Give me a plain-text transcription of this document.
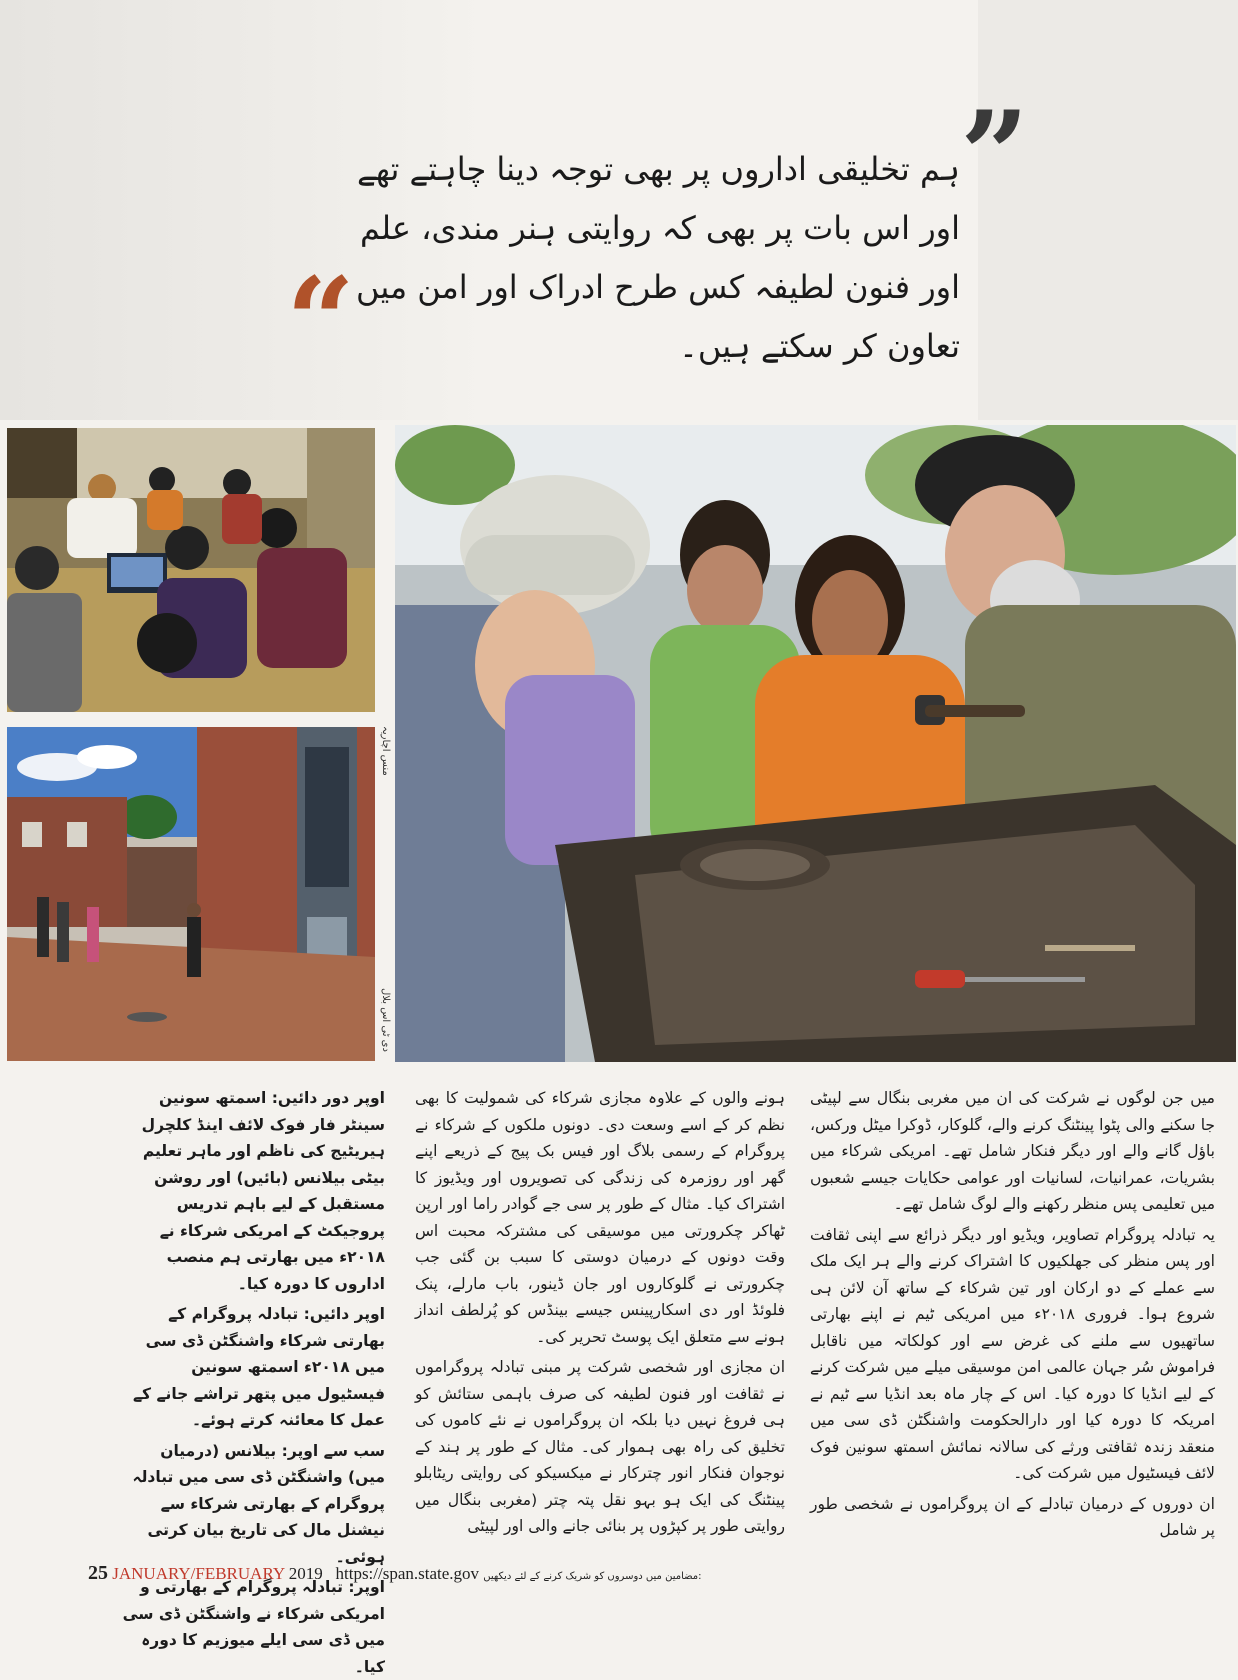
”
ہم تخلیقی اداروں پر بھی توجہ دینا چاہتے تھے اور اس بات پر بھی کہ روایتی ہنر مندی، علم اور فنون لطیفہ کس طرح ادراک اور امن میں تعاون کر سکتے ہیں۔
“
منس اچاریہ
دی ٹی اس بلال

میں جن لوگوں نے شرکت کی ان میں مغربی بنگال سے لپیٹی جا سکنے والی پٹوا پینٹنگ کرنے والے، گلوکار، ڈوکرا میٹل ورکس، باؤل گانے والے اور دیگر فنکار شامل تھے۔ امریکی شرکاء میں بشریات، عمرانیات، لسانیات اور عوامی حکایات جیسے شعبوں میں تعلیمی پس منظر رکھنے والے لوگ شامل تھے۔

یہ تبادلہ پروگرام تصاویر، ویڈیو اور دیگر ذرائع سے اپنی ثقافت اور پس منظر کی جھلکیوں کا اشتراک کرنے والے ہر ایک ملک سے عملے کے دو ارکان اور تین شرکاء کے ساتھ آن لائن ہی شروع ہوا۔ فروری ۲۰۱۸ء میں امریکی ٹیم نے اپنے بھارتی ساتھیوں سے ملنے کی غرض سے اور کولکاتہ میں ناقابل فراموش سُر جہان عالمی امن موسیقی میلے میں شرکت کرنے کے لیے انڈیا کا دورہ کیا۔ اس کے چار ماہ بعد انڈیا سے ٹیم نے امریکہ کا دورہ کیا اور دارالحکومت واشنگٹن ڈی سی میں منعقد زندہ ثقافتی ورثے کی سالانہ نمائش اسمتھ سونین فوک لائف فیسٹیول میں شرکت کی۔

ان دوروں کے درمیان تبادلے کے ان پروگراموں نے شخصی طور پر شامل

ہونے والوں کے علاوہ مجازی شرکاء کی شمولیت کا بھی نظم کر کے اسے وسعت دی۔ دونوں ملکوں کے شرکاء نے پروگرام کے رسمی بلاگ اور فیس بک پیج کے ذریعے اپنے گھر اور روزمرہ کی زندگی کی تصویروں اور ویڈیوز کا اشتراک کیا۔ مثال کے طور پر سی جے گوادر راما اور ارپن ٹھاکر چکرورتی میں موسیقی کی مشترکہ محبت اس وقت دونوں کے درمیان دوستی کا سبب بن گئی جب چکرورتی نے گلوکاروں اور جان ڈینور، باب مارلے، پنک فلوئڈ اور دی اسکارپینس جیسے بینڈس کو پُرلطف انداز ہونے سے متعلق ایک پوسٹ تحریر کی۔

ان مجازی اور شخصی شرکت پر مبنی تبادلہ پروگراموں نے ثقافت اور فنون لطیفہ کی صرف باہمی ستائش کو ہی فروغ نہیں دیا بلکہ ان پروگراموں نے نئے کاموں کی تخلیق کی راہ بھی ہموار کی۔ مثال کے طور پر ہند کے نوجوان فنکار انور چترکار نے میکسیکو کی روایتی ریٹابلو پینٹنگ کی ایک ہو بہو نقل پتہ چتر (مغربی بنگال میں روایتی طور پر کپڑوں پر بنائی جانے والی اور لپیٹی

اوپر دور دائیں: اسمتھ سونین سینٹر فار فوک لائف اینڈ کلچرل ہیریٹیج کی ناظم اور ماہر تعلیم بیٹی بیلانس (بائیں) اور روشن مستقبل کے لیے باہم تدریس پروجیکٹ کے امریکی شرکاء نے ۲۰۱۸ء میں بھارتی ہم منصب اداروں کا دورہ کیا۔

اوپر دائیں: تبادلہ پروگرام کے بھارتی شرکاء واشنگٹن ڈی سی میں ۲۰۱۸ء اسمتھ سونین فیسٹیول میں پتھر تراشے جانے کے عمل کا معائنہ کرتے ہوئے۔

سب سے اوپر: بیلانس (درمیان میں) واشنگٹن ڈی سی میں تبادلہ پروگرام کے بھارتی شرکاء سے نیشنل مال کی تاریخ بیان کرتی ہوئی۔

اوپر: تبادلہ پروگرام کے بھارتی و امریکی شرکاء نے واشنگٹن ڈی سی میں ڈی سی ایلے میوزیم کا دورہ کیا۔

25 JANUARY/FEBRUARY 2019 https://span.state.gov مضامین میں دوسروں کو شریک کرنے کے لئے دیکھیں:
